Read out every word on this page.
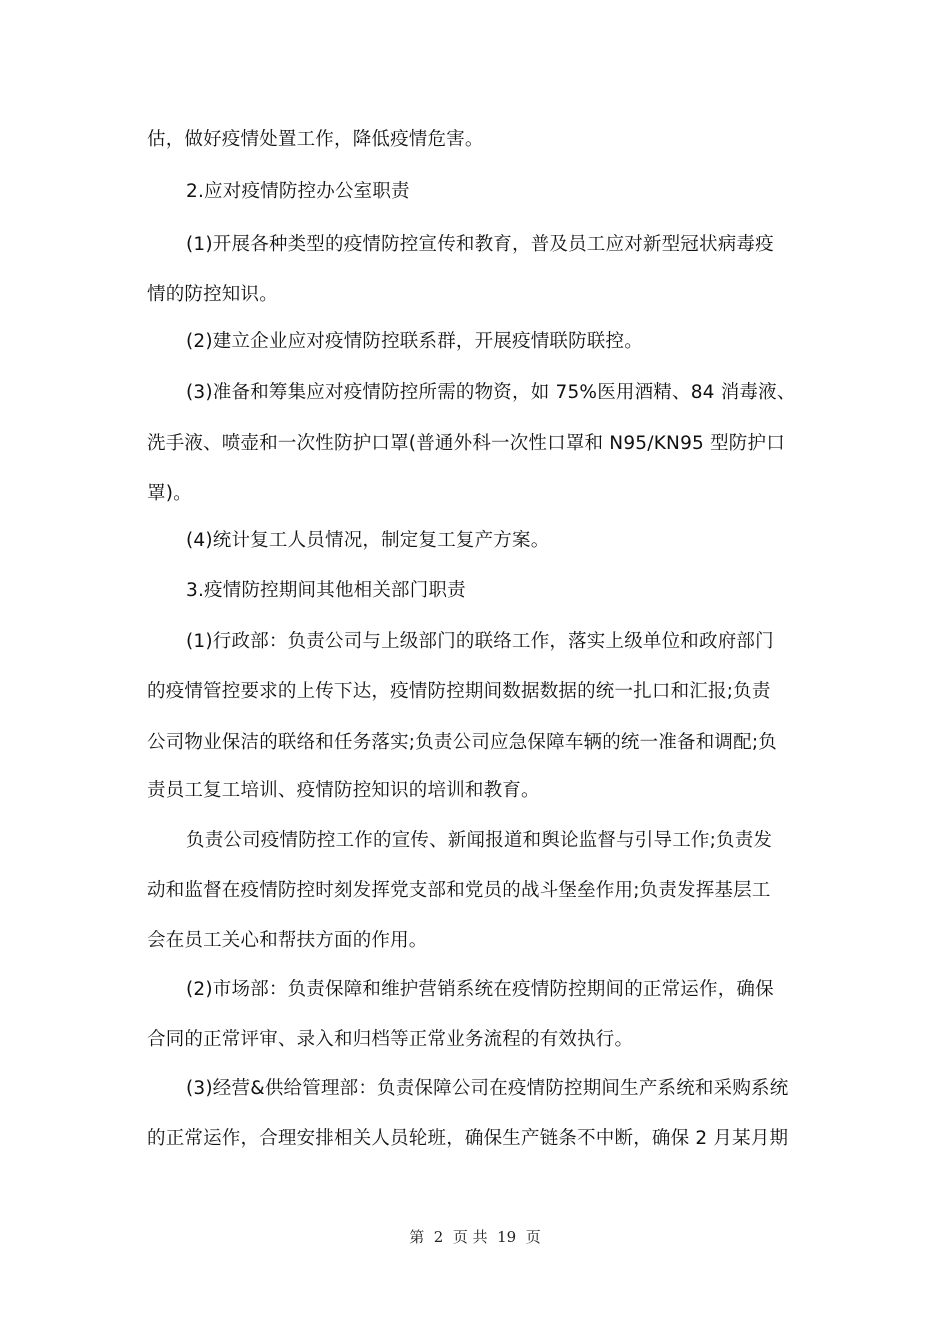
估，做好疫情处置工作，降低疫情危害。
2.应对疫情防控办公室职责
(1)开展各种类型的疫情防控宣传和教育，普及员工应对新型冠状病毒疫
情的防控知识。
(2)建立企业应对疫情防控联系群，开展疫情联防联控。
(3)准备和筹集应对疫情防控所需的物资，如 75%医用酒精、84 消毒液、
洗手液、喷壶和一次性防护口罩(普通外科一次性口罩和 N95/KN95 型防护口
罩)。
(4)统计复工人员情况，制定复工复产方案。
3.疫情防控期间其他相关部门职责
(1)行政部：负责公司与上级部门的联络工作，落实上级单位和政府部门
的疫情管控要求的上传下达，疫情防控期间数据数据的统一扎口和汇报;负责
公司物业保洁的联络和任务落实;负责公司应急保障车辆的统一准备和调配;负
责员工复工培训、疫情防控知识的培训和教育。
负责公司疫情防控工作的宣传、新闻报道和舆论监督与引导工作;负责发
动和监督在疫情防控时刻发挥党支部和党员的战斗堡垒作用;负责发挥基层工
会在员工关心和帮扶方面的作用。
(2)市场部：负责保障和维护营销系统在疫情防控期间的正常运作，确保
合同的正常评审、录入和归档等正常业务流程的有效执行。
(3)经营&供给管理部：负责保障公司在疫情防控期间生产系统和采购系统
的正常运作，合理安排相关人员轮班，确保生产链条不中断，确保 2 月某月期
第  2  页 共  19  页
